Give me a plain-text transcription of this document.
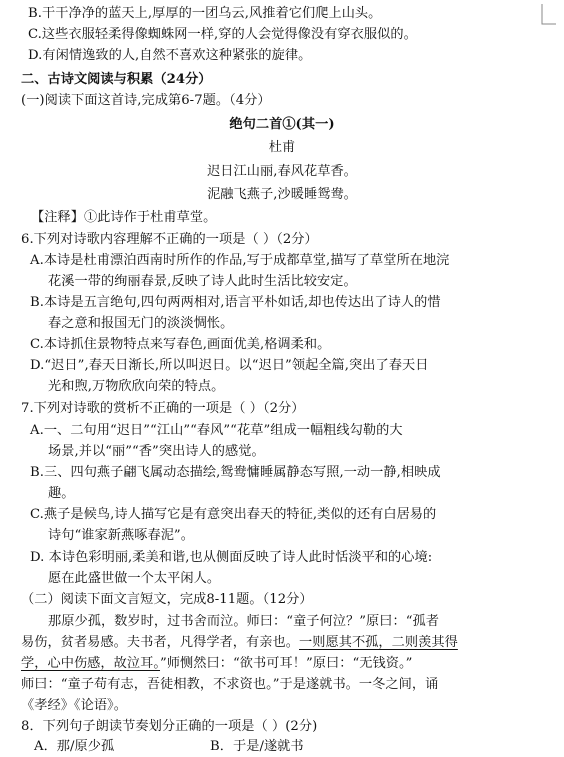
B.干干净净的蓝天上,厚厚的一团乌云,风推着它们爬上山头。
C.这些衣服轻柔得像蜘蛛网一样,穿的人会觉得像没有穿衣服似的。
D.有闲情逸致的人,自然不喜欢这种紧张的旋律。
二、古诗文阅读与积累（24分）
(一)阅读下面这首诗,完成第6-7题。（4分）
绝句二首①(其一)
杜甫
迟日江山丽,春风花草香。
泥融飞燕子,沙暖睡鸳鸯。
【注释】①此诗作于杜甫草堂。
6.下列对诗歌内容理解不正确的一项是（ ）（2分）
A.本诗是杜甫漂泊西南时所作的作品,写于成都草堂,描写了草堂所在地浣
花溪一带的绚丽春景,反映了诗人此时生活比较安定。
B.本诗是五言绝句,四句两两相对,语言平朴如话,却也传达出了诗人的惜
春之意和报国无门的淡淡惆怅。
C.本诗抓住景物特点来写春色,画面优美,格调柔和。
D.“迟日”,春天日渐长,所以叫迟日。以“迟日”领起全篇,突出了春天日
光和煦,万物欣欣向荣的特点。
7.下列对诗歌的赏析不正确的一项是（ ）（2分）
A.一、二句用“迟日”“江山”“春风”“花草”组成一幅粗线勾勒的大
场景,并以“丽”“香”突出诗人的感觉。
B.三、四句燕子翩飞属动态描绘,鸳鸯慵睡属静态写照,一动一静,相映成
趣。
C.燕子是候鸟,诗人描写它是有意突出春天的特征,类似的还有白居易的
诗句“谁家新燕啄春泥”。
D. 本诗色彩明丽,柔美和谐,也从侧面反映了诗人此时恬淡平和的心境:
愿在此盛世做一个太平闲人。
（二）阅读下面文言短文，完成8-11题。（12分）
那原少孤，数岁时，过书舍而泣。师曰：“童子何泣？”原曰：“孤者
易伤，贫者易感。夫书者，凡得学者，有亲也。一则愿其不孤，二则羡其得
学，心中伤感，故泣耳。”师恻然曰：“欲书可耳！”原曰：“无钱资。”
师曰：“童子苟有志，吾徒相教，不求资也。”于是遂就书。一冬之间，诵
《孝经》《论语》。
8．下列句子朗读节奏划分正确的一项是（ ）(2分)
A．那/原少孤	B．于是/遂就书
